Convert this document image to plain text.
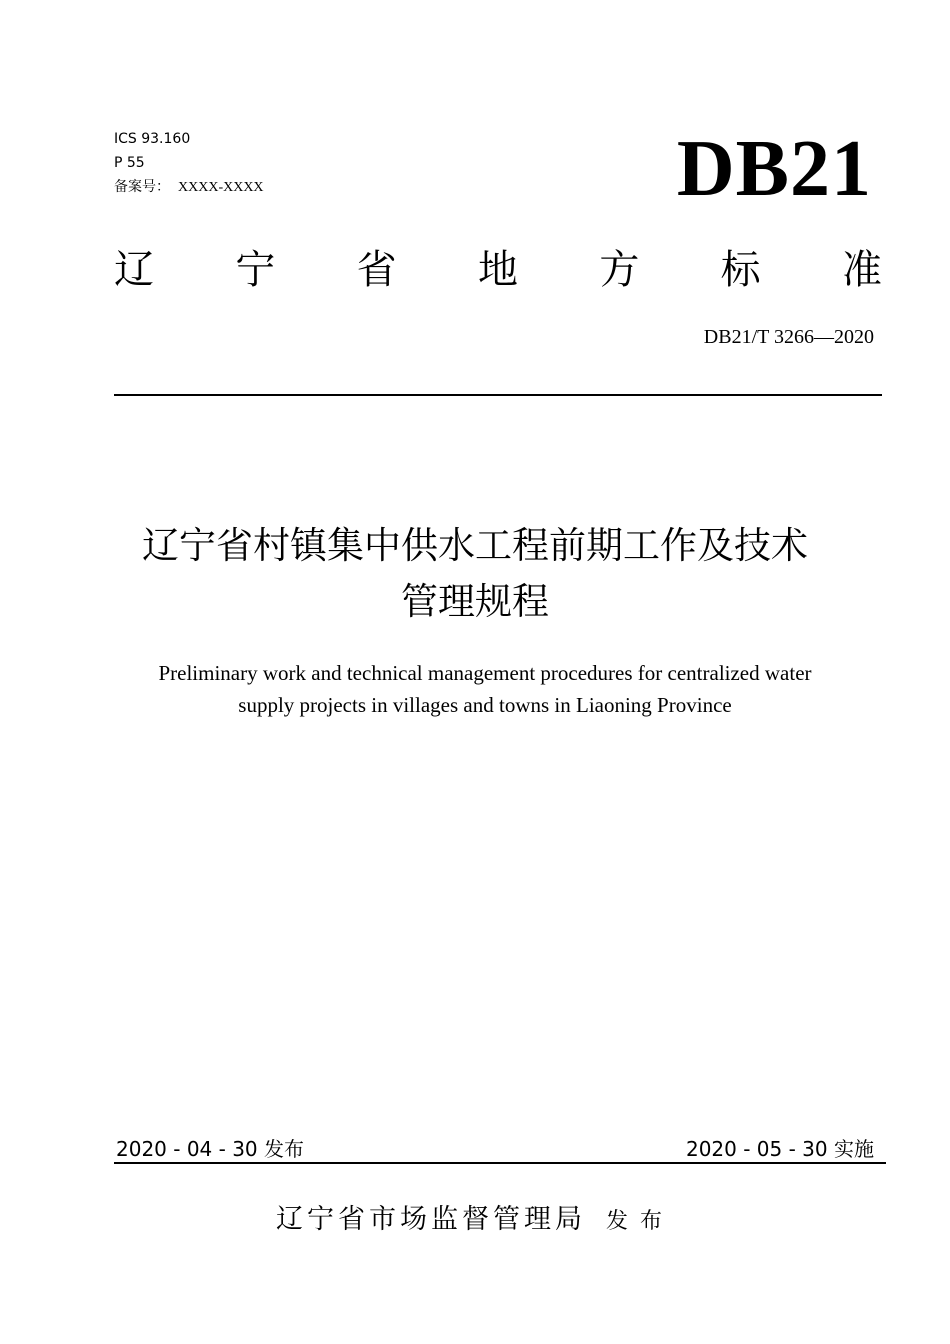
ICS 93.160
P 55
备案号： XXXX-XXXX	DB21
辽 宁 省 地 方 标 准
DB21/T 3266—2020
辽宁省村镇集中供水工程前期工作及技术
管理规程
Preliminary work and technical management procedures for centralized water
supply projects in villages and towns in Liaoning Province
2020 - 04 - 30 发布	2020 - 05 - 30 实施
辽宁省市场监督管理局 发布
